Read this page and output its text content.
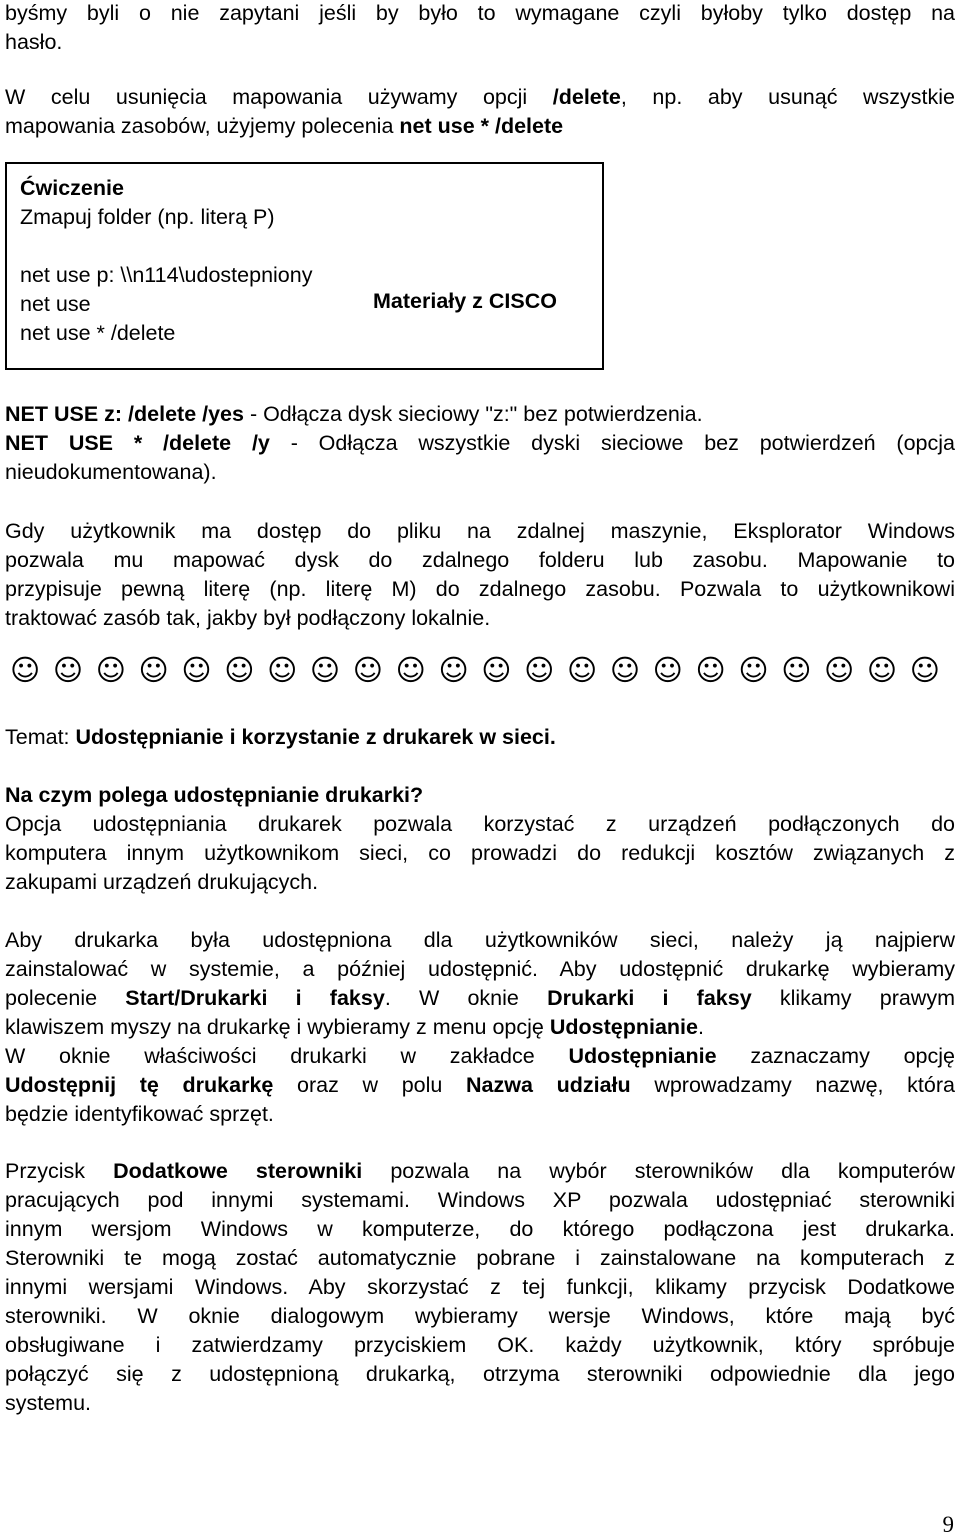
byśmy byli o nie zapytani jeśli by było to wymagane czyli byłoby tylko dostęp na
hasło.
W celu usunięcia mapowania używamy opcji /delete, np. aby usunąć wszystkie
mapowania zasobów, użyjemy polecenia net use * /delete
NET USE z: /delete /yes - Odłącza dysk sieciowy "z:" bez potwierdzenia.
NET USE * /delete /y - Odłącza wszystkie dyski sieciowe bez potwierdzeń (opcja
nieudokumentowana).
Gdy użytkownik ma dostęp do pliku na zdalnej maszynie, Eksplorator Windows
pozwala mu mapować dysk do zdalnego folderu lub zasobu. Mapowanie to
przypisuje pewną literę (np. literę M) do zdalnego zasobu. Pozwala to użytkownikowi
traktować zasób tak, jakby był podłączony lokalnie.
Temat: Udostępnianie i korzystanie z drukarek w sieci.
Na czym polega udostępnianie drukarki?
Opcja udostępniania drukarek pozwala korzystać z urządzeń podłączonych do
komputera innym użytkownikom sieci, co prowadzi do redukcji kosztów związanych z
zakupami urządzeń drukujących.
Aby drukarka była udostępniona dla użytkowników sieci, należy ją najpierw
zainstalować w systemie, a później udostępnić. Aby udostępnić drukarkę wybieramy
polecenie Start/Drukarki i faksy. W oknie Drukarki i faksy klikamy prawym
klawiszem myszy na drukarkę i wybieramy z menu opcję Udostępnianie.
W oknie właściwości drukarki w zakładce Udostępnianie zaznaczamy opcję
Udostępnij tę drukarkę oraz w polu Nazwa udziału wprowadzamy nazwę, która
będzie identyfikować sprzęt.
Przycisk Dodatkowe sterowniki pozwala na wybór sterowników dla komputerów
pracujących pod innymi systemami. Windows XP pozwala udostępniać sterowniki
innym wersjom Windows w komputerze, do którego podłączona jest drukarka.
Sterowniki te mogą zostać automatycznie pobrane i zainstalowane na komputerach z
innymi wersjami Windows. Aby skorzystać z tej funkcji, klikamy przycisk Dodatkowe
sterowniki. W oknie dialogowym wybieramy wersje Windows, które mają być
obsługiwane i zatwierdzamy przyciskiem OK. każdy użytkownik, który spróbuje
połączyć się z udostępnioną drukarką, otrzyma sterowniki odpowiednie dla jego
systemu.
Ćwiczenie
Zmapuj folder (np. literą P)
net use p: \\n114\udostepniony
net use
net use * /delete
Materiały z CISCO
☺ ☺ ☺ ☺ ☺ ☺ ☺ ☺ ☺ ☺ ☺ ☺ ☺ ☺ ☺ ☺ ☺ ☺ ☺ ☺ ☺ ☺
9
